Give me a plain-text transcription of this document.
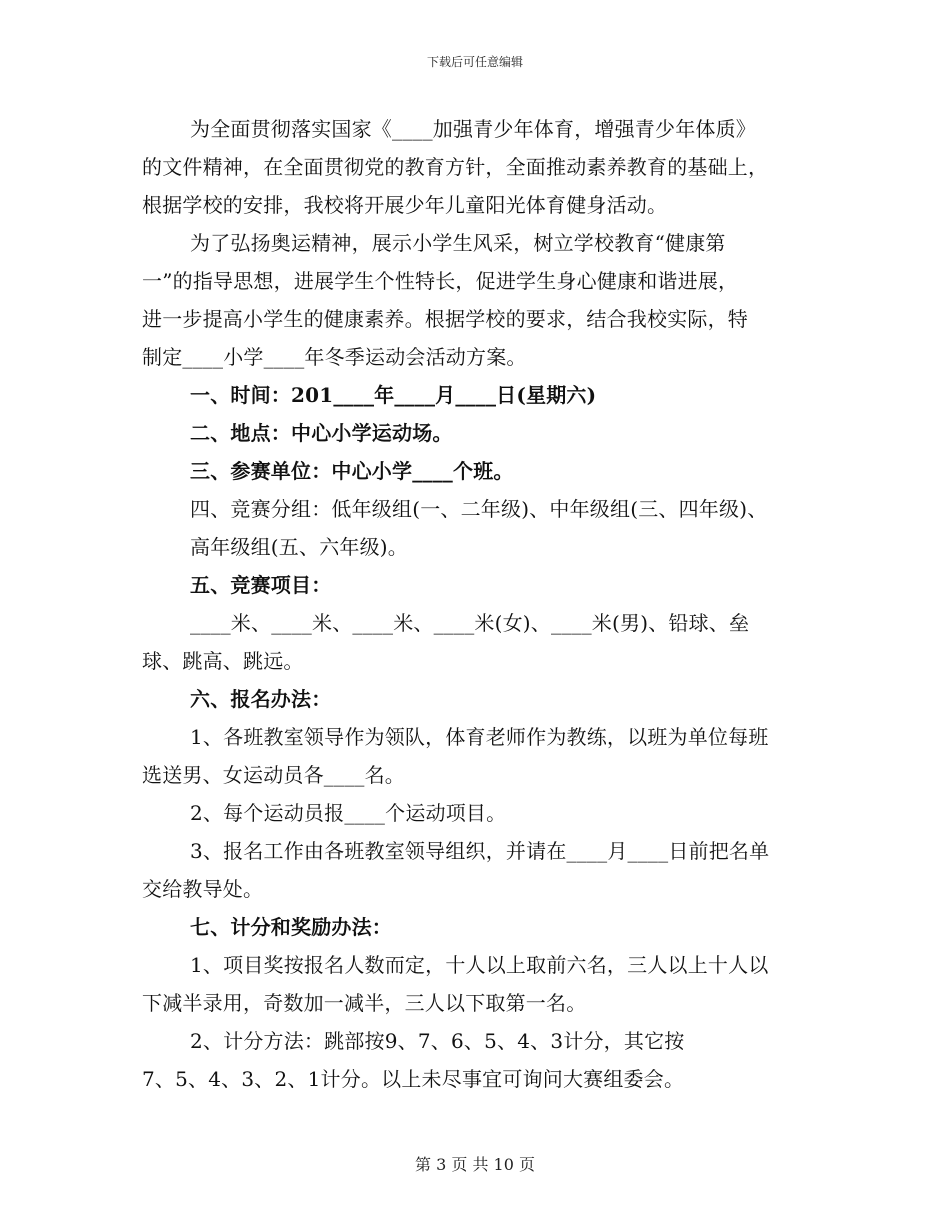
下载后可任意编辑
为全面贯彻落实国家《____加强青少年体育，增强青少年体质》
的文件精神，在全面贯彻党的教育方针，全面推动素养教育的基础上，
根据学校的安排，我校将开展少年儿童阳光体育健身活动。
为了弘扬奥运精神，展示小学生风采，树立学校教育“健康第
一”的指导思想，进展学生个性特长，促进学生身心健康和谐进展，
进一步提高小学生的健康素养。根据学校的要求，结合我校实际，特
制定____小学____年冬季运动会活动方案。
一、时间：201____年____月____日(星期六)
二、地点：中心小学运动场。
三、参赛单位：中心小学____个班。
四、竞赛分组：低年级组(一、二年级)、中年级组(三、四年级)、
高年级组(五、六年级)。
五、竞赛项目：
____米、____米、____米、____米(女)、____米(男)、铅球、垒
球、跳高、跳远。
六、报名办法：
1、各班教室领导作为领队，体育老师作为教练，以班为单位每班
选送男、女运动员各____名。
2、每个运动员报____个运动项目。
3、报名工作由各班教室领导组织，并请在____月____日前把名单
交给教导处。
七、计分和奖励办法：
1、项目奖按报名人数而定，十人以上取前六名，三人以上十人以
下减半录用，奇数加一减半，三人以下取第一名。
2、计分方法：跳部按9、7、6、5、4、3计分，其它按
7、5、4、3、2、1计分。以上未尽事宜可询问大赛组委会。
第 3 页 共 10 页
